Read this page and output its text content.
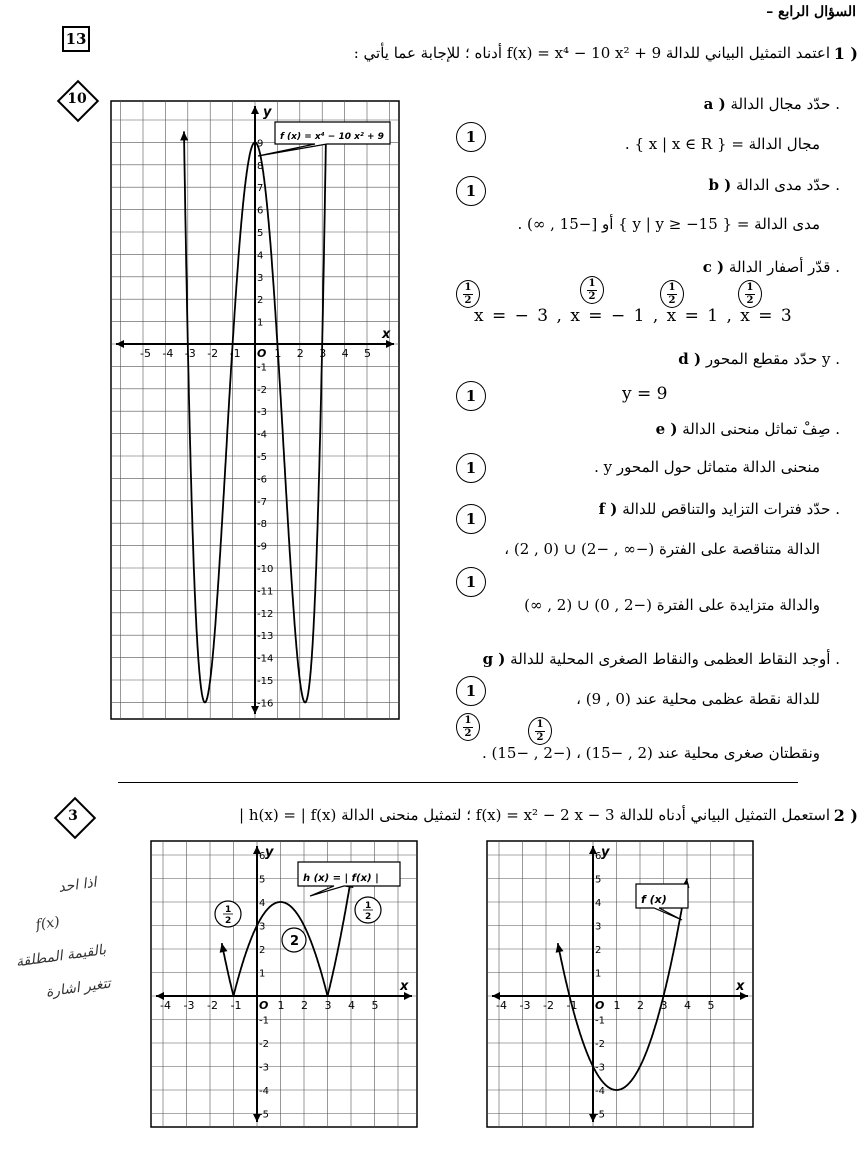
السؤال الرابع –
13
1 )
اعتمد التمثيل البياني للدالة f(x) = x⁴ − 10 x² + 9 أدناه ؛ للإجابة عما يأتي :
10
-5 -4 -3 -2 -1	1 2 3 4 5
-16
-15
-14
-13
-12
-11
-10
-9
-8
-7
-6
-5
-4
-3
-2
-1
1
2
3
4
5
6
7
8
9
y
x
O
f (x) = x⁴ − 10 x² + 9
a ) حدّد مجال الدالة .
1	مجال الدالة = { x | x ∈ R } .
1	b ) حدّد مدى الدالة .
مدى الدالة = { y | y ≥ −15 } أو [−15 , ∞) .
c ) قدّر أصفار الدالة .
1
2
1
2
1
2
1
2
x = − 3 , x = − 1 , x = 1 , x = 3
d ) حدّد مقطع المحور y .
1	y = 9
e ) صِفْ تماثل منحنى الدالة .
1	منحنى الدالة متماثل حول المحور y .
f ) حدّد فترات التزايد والتناقص للدالة .
1
الدالة متناقصة على الفترة (−∞ , −2) ∪ (0 , 2) ،
1
والدالة متزايدة على الفترة (−2 , 0) ∪ (2 , ∞)
g ) أوجد النقاط العظمى والنقاط الصغرى المحلية للدالة .
1	للدالة نقطة عظمى محلية عند (0 , 9) ،
1
2
1
2
ونقطتان صغرى محلية عند (2 , −15) ، (−2 , −15) .
3	2 )
استعمل التمثيل البياني أدناه للدالة f(x) = x² − 2 x − 3 ؛ لتمثيل منحنى الدالة h(x) = | f(x) |
-4 -3 -2 -1	1 2 3 4 5
-5
-4
-3
-2
-1
1
2
3
4
5
6 y
x
O
h (x) = | f(x) |
1
2
1
2
2
-4 -3 -2 -1	1 2 3 4 5
-5
-4
-3
-2
-1
1
2
3
4
5
6 y
x
O
f (x)
اذا احد
f(x)
بالقيمة المطلقة
تتغير اشارة
